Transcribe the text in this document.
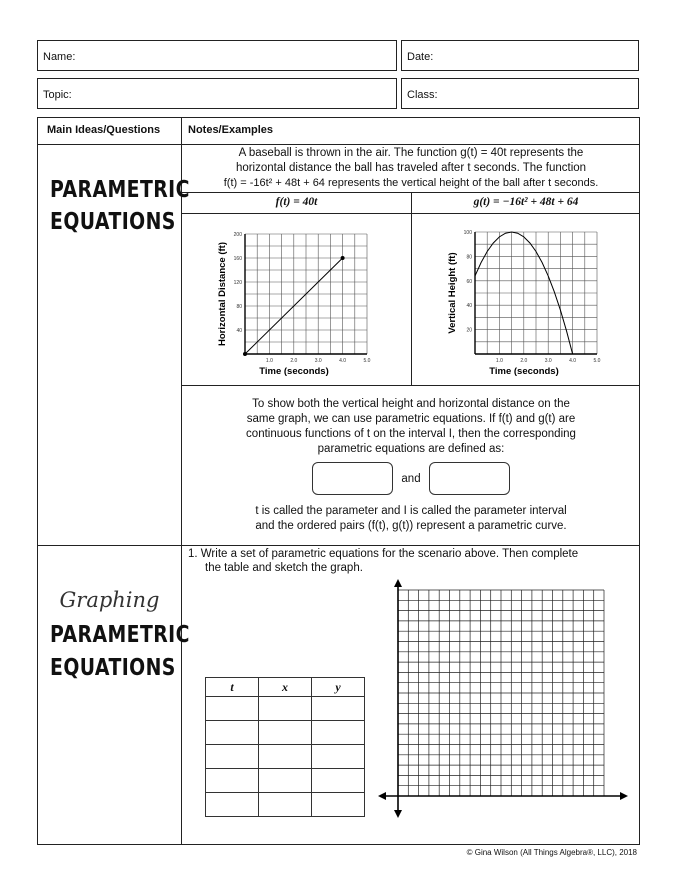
Name:	Date:
Topic:	Class:
Main Ideas/Questions	Notes/Examples
PARAMETRIC
EQUATIONS
A baseball is thrown in the air. The function g(t) = 40t represents the
horizontal distance the ball has traveled after t seconds. The function
f(t) = -16t² + 48t + 64 represents the vertical height of the ball after t seconds.
f(t) = 40t	g(t) = −16t² + 48t + 64
1.0	2.0	3.0	4.0	5.0
40
80
120
160
200
Time (seconds)
Horizontal Distance (ft)
1.0	2.0	3.0	4.0	5.0
20
40
60
80
100
Time (seconds)
Vertical Height (ft)
To show both the vertical height and horizontal distance on the
same graph, we can use parametric equations. If f(t) and g(t) are
continuous functions of t on the interval I, then the corresponding
parametric equations are defined as:
and
t is called the parameter and I is called the parameter interval
and the ordered pairs (f(t), g(t)) represent a parametric curve.
Graphing
PARAMETRIC
EQUATIONS
1. Write a set of parametric equations for the scenario above. Then complete
the table and sketch the graph.
t	x	y

© Gina Wilson (All Things Algebra®, LLC), 2018
